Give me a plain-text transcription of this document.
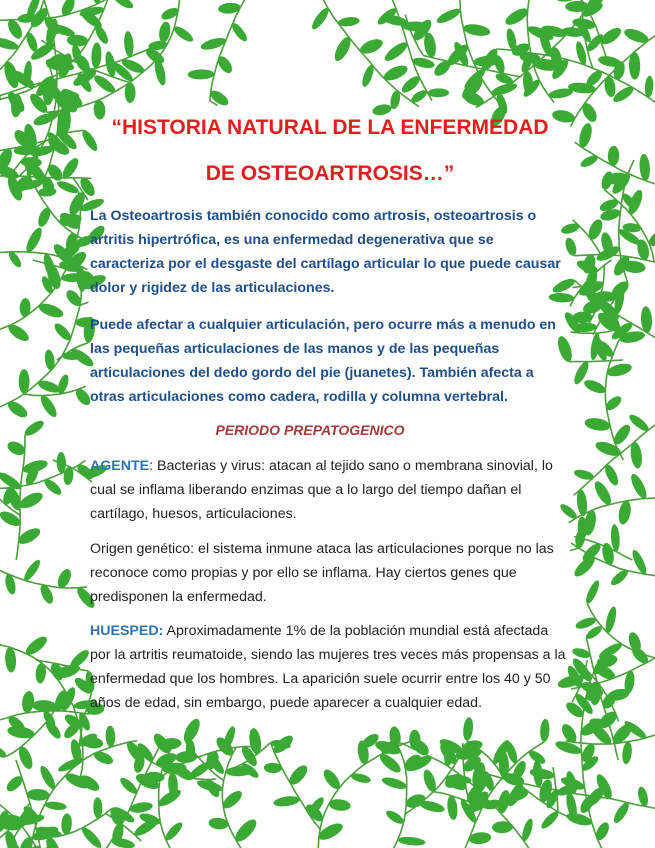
“HISTORIA NATURAL DE LA ENFERMEDAD
DE OSTEOARTROSIS…”

La Osteoartrosis también conocido como artrosis, osteoartrosis o artritis hipertrófica, es una enfermedad degenerativa que se caracteriza por el desgaste del cartílago articular lo que puede causar dolor y rigidez de las articulaciones.

Puede afectar a cualquier articulación, pero ocurre más a menudo en las pequeñas articulaciones de las manos y de las pequeñas articulaciones del dedo gordo del pie (juanetes). También afecta a otras articulaciones como cadera, rodilla y columna vertebral.

PERIODO PREPATOGENICO

AGENTE: Bacterias y virus: atacan al tejido sano o membrana sinovial, lo cual se inflama liberando enzimas que a lo largo del tiempo dañan el cartílago, huesos, articulaciones.

Origen genético: el sistema inmune ataca las articulaciones porque no las reconoce como propias y por ello se inflama. Hay ciertos genes que predisponen la enfermedad.

HUESPED: Aproximadamente 1% de la población mundial está afectada por la artritis reumatoide, siendo las mujeres tres veces más propensas a la enfermedad que los hombres. La aparición suele ocurrir entre los 40 y 50 años de edad, sin embargo, puede aparecer a cualquier edad.
